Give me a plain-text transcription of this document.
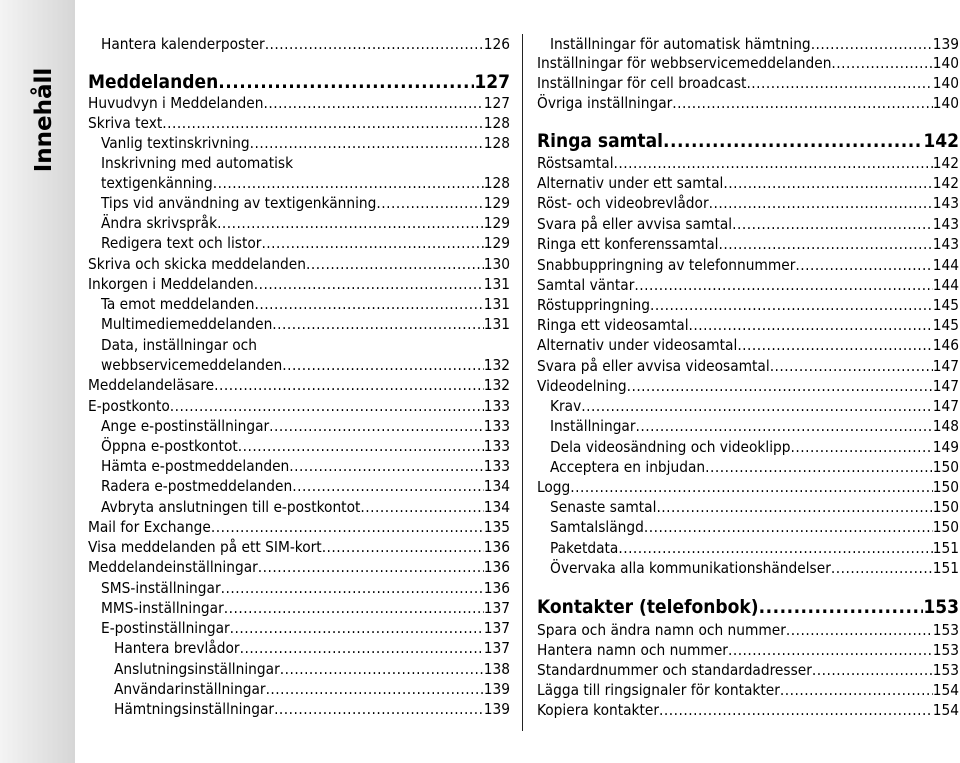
Innehåll
Hantera kalenderposter .....	126
Meddelanden .....	127
Huvudvyn i Meddelanden .....	127
Skriva text .....	128
Vanlig textinskrivning .....	128
Inskrivning med automatisk
textigenkänning .....	128
Tips vid användning av textigenkänning .....	129
Ändra skrivspråk .....	129
Redigera text och listor .....	129
Skriva och skicka meddelanden .....	130
Inkorgen i Meddelanden .....	131
Ta emot meddelanden .....	131
Multimediemeddelanden .....	131
Data, inställningar och
webbservicemeddelanden .....	132
Meddelandeläsare .....	132
E-postkonto .....	133
Ange e-postinställningar .....	133
Öppna e-postkontot .....	133
Hämta e-postmeddelanden .....	133
Radera e-postmeddelanden .....	134
Avbryta anslutningen till e-postkontot .....	134
Mail for Exchange .....	135
Visa meddelanden på ett SIM-kort .....	136
Meddelandeinställningar .....	136
SMS-inställningar .....	136
MMS-inställningar .....	137
E-postinställningar .....	137
Hantera brevlådor .....	137
Anslutningsinställningar .....	138
Användarinställningar .....	139
Hämtningsinställningar .....	139
Inställningar för automatisk hämtning .....	139
Inställningar för webbservicemeddelanden .....	140
Inställningar för cell broadcast .....	140
Övriga inställningar .....	140
Ringa samtal .....	142
Röstsamtal .....	142
Alternativ under ett samtal .....	142
Röst- och videobrevlådor .....	143
Svara på eller avvisa samtal .....	143
Ringa ett konferenssamtal .....	143
Snabbuppringning av telefonnummer .....	144
Samtal väntar .....	144
Röstuppringning .....	145
Ringa ett videosamtal .....	145
Alternativ under videosamtal .....	146
Svara på eller avvisa videosamtal .....	147
Videodelning .....	147
Krav .....	147
Inställningar .....	148
Dela videosändning och videoklipp .....	149
Acceptera en inbjudan .....	150
Logg .....	150
Senaste samtal .....	150
Samtalslängd .....	150
Paketdata .....	151
Övervaka alla kommunikationshändelser .....	151
Kontakter (telefonbok) .....	153
Spara och ändra namn och nummer .....	153
Hantera namn och nummer .....	153
Standardnummer och standardadresser .....	153
Lägga till ringsignaler för kontakter .....	154
Kopiera kontakter .....	154
